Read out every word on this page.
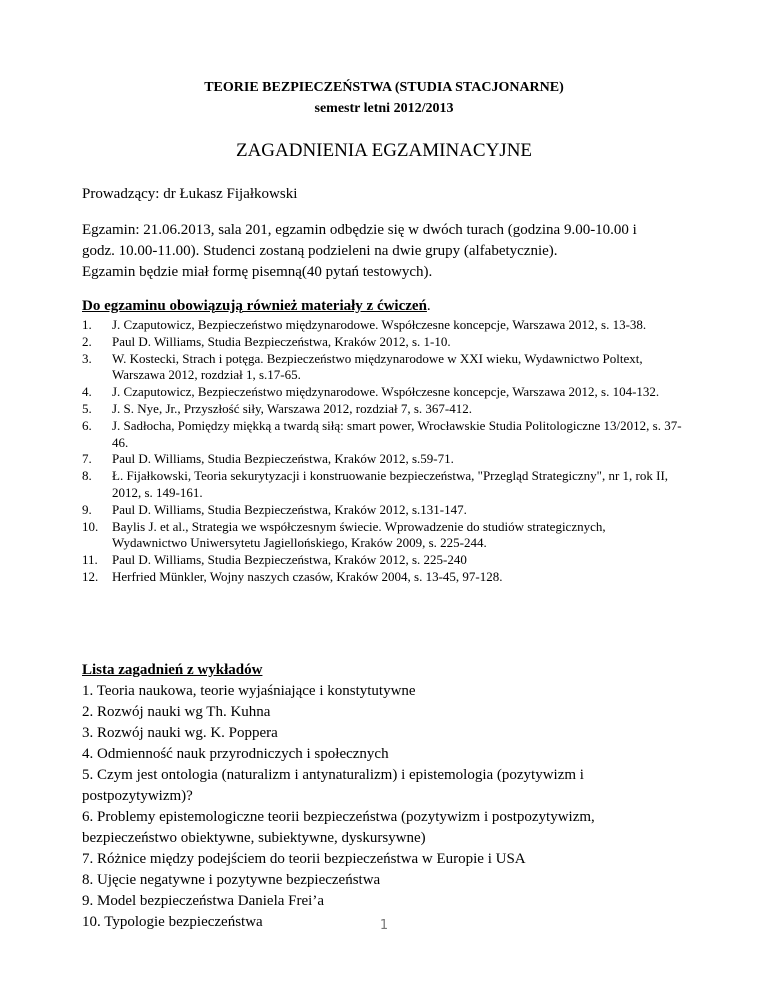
TEORIE BEZPIECZEŃSTWA (STUDIA STACJONARNE)
semestr letni 2012/2013
ZAGADNIENIA EGZAMINACYJNE
Prowadzący: dr Łukasz Fijałkowski
Egzamin: 21.06.2013, sala 201, egzamin odbędzie się w dwóch turach (godzina 9.00-10.00 i
godz. 10.00-11.00). Studenci zostaną podzieleni na dwie grupy (alfabetycznie).
Egzamin będzie miał formę pisemną(40 pytań testowych).
Do egzaminu obowiązują również materiały z ćwiczeń.
1.	J. Czaputowicz, Bezpieczeństwo międzynarodowe. Współczesne koncepcje, Warszawa 2012, s. 13-38.
2.	Paul D. Williams, Studia Bezpieczeństwa, Kraków 2012, s. 1-10.
3.	W. Kostecki, Strach i potęga. Bezpieczeństwo międzynarodowe w XXI wieku, Wydawnictwo Poltext, Warszawa 2012, rozdział 1, s.17-65.
4.	J. Czaputowicz, Bezpieczeństwo międzynarodowe. Współczesne koncepcje, Warszawa 2012, s. 104-132.
5.	J. S. Nye, Jr., Przyszłość siły, Warszawa 2012, rozdział 7, s. 367-412.
6.	J. Sadłocha, Pomiędzy miękką a twardą siłą: smart power, Wrocławskie Studia Politologiczne 13/2012, s. 37-46.
7.	Paul D. Williams, Studia Bezpieczeństwa, Kraków 2012, s.59-71.
8.	Ł. Fijałkowski, Teoria sekurytyzacji i konstruowanie bezpieczeństwa, "Przegląd Strategiczny", nr 1, rok II, 2012, s. 149-161.
9.	Paul D. Williams, Studia Bezpieczeństwa, Kraków 2012, s.131-147.
10.	Baylis J. et al., Strategia we współczesnym świecie. Wprowadzenie do studiów strategicznych, Wydawnictwo Uniwersytetu Jagiellońskiego, Kraków 2009, s. 225-244.
11.	Paul D. Williams, Studia Bezpieczeństwa, Kraków 2012, s. 225-240
12.	Herfried Münkler, Wojny naszych czasów, Kraków 2004, s. 13-45, 97-128.
Lista zagadnień z wykładów
1. Teoria naukowa, teorie wyjaśniające i konstytutywne
2. Rozwój nauki wg Th. Kuhna
3. Rozwój nauki wg. K. Poppera
4. Odmienność nauk przyrodniczych i społecznych
5. Czym jest ontologia (naturalizm i antynaturalizm) i epistemologia (pozytywizm i postpozytywizm)?
6. Problemy epistemologiczne teorii bezpieczeństwa (pozytywizm i postpozytywizm, bezpieczeństwo obiektywne, subiektywne, dyskursywne)
7. Różnice między podejściem do teorii bezpieczeństwa w Europie i USA
8. Ujęcie negatywne i pozytywne bezpieczeństwa
9. Model bezpieczeństwa Daniela Frei’a
10. Typologie bezpieczeństwa	1
